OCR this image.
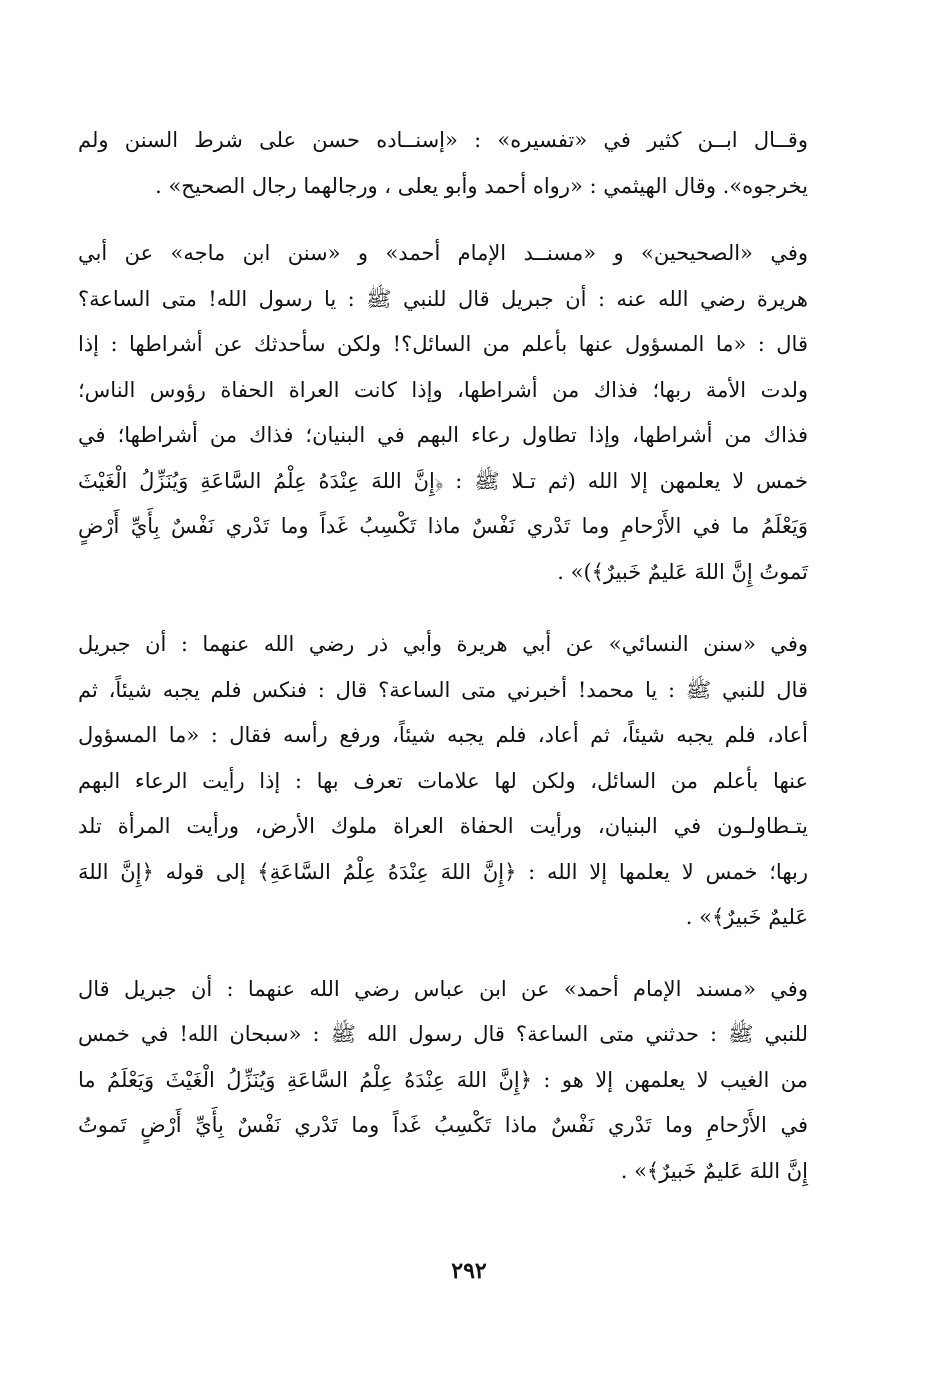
وقــال ابــن كثير في «تفسيره» : «إسنــاده حسن على شرط السنن ولم
يخرجوه». وقال الهيثمي : «رواه أحمد وأبو يعلى ، ورجالهما رجال الصحيح» .
وفي «الصحيحين» و «مسنــد الإمام أحمد» و «سنن ابن ماجه» عن أبي
هريرة رضي الله عنه : أن جبريل قال للنبي ﷺ : يا رسول الله! متى الساعة؟
قال : «ما المسؤول عنها بأعلم من السائل؟! ولكن سأحدثك عن أشراطها : إذا
ولدت الأمة ربها؛ فذاك من أشراطها، وإذا كانت العراة الحفاة رؤوس الناس؛
فذاك من أشراطها، وإذا تطاول رعاء البهم في البنيان؛ فذاك من أشراطها؛ في
خمس لا يعلمهن إلا الله (ثم تـلا ﷺ : ﴿إِنَّ اللهَ عِنْدَهُ عِلْمُ السَّاعَةِ وَيُنَزِّلُ الْغَيْثَ
وَيَعْلَمُ ما في الأَرْحامِ وما تَدْري نَفْسٌ ماذا تَكْسِبُ غَداً وما تَدْري نَفْسٌ بِأَيِّ أَرْضٍ
تَموتُ إِنَّ اللهَ عَليمٌ خَبيرٌ﴾)» .
وفي «سنن النسائي» عن أبي هريرة وأبي ذر رضي الله عنهما : أن جبريل
قال للنبي ﷺ : يا محمد! أخبرني متى الساعة؟ قال : فنكس فلم يجبه شيئاً، ثم
أعاد، فلم يجبه شيئاً، ثم أعاد، فلم يجبه شيئاً، ورفع رأسه فقال : «ما المسؤول
عنها بأعلم من السائل، ولكن لها علامات تعرف بها : إذا رأيت الرعاء البهم
يتـطاولـون في البنيان، ورأيت الحفاة العراة ملوك الأرض، ورأيت المرأة تلد
ربها؛ خمس لا يعلمها إلا الله : ﴿إِنَّ اللهَ عِنْدَهُ عِلْمُ السَّاعَةِ﴾ إلى قوله ﴿إِنَّ اللهَ
عَليمٌ خَبيرٌ﴾» .
وفي «مسند الإمام أحمد» عن ابن عباس رضي الله عنهما : أن جبريل قال
للنبي ﷺ : حدثني متى الساعة؟ قال رسول الله ﷺ : «سبحان الله! في خمس
من الغيب لا يعلمهن إلا هو : ﴿إِنَّ اللهَ عِنْدَهُ عِلْمُ السَّاعَةِ وَيُنَزِّلُ الْغَيْثَ وَيَعْلَمُ ما
في الأَرْحامِ وما تَدْري نَفْسٌ ماذا تَكْسِبُ غَداً وما تَدْري نَفْسٌ بِأَيِّ أَرْضٍ تَموتُ
إِنَّ اللهَ عَليمٌ خَبيرٌ﴾» .
٢٩٢
